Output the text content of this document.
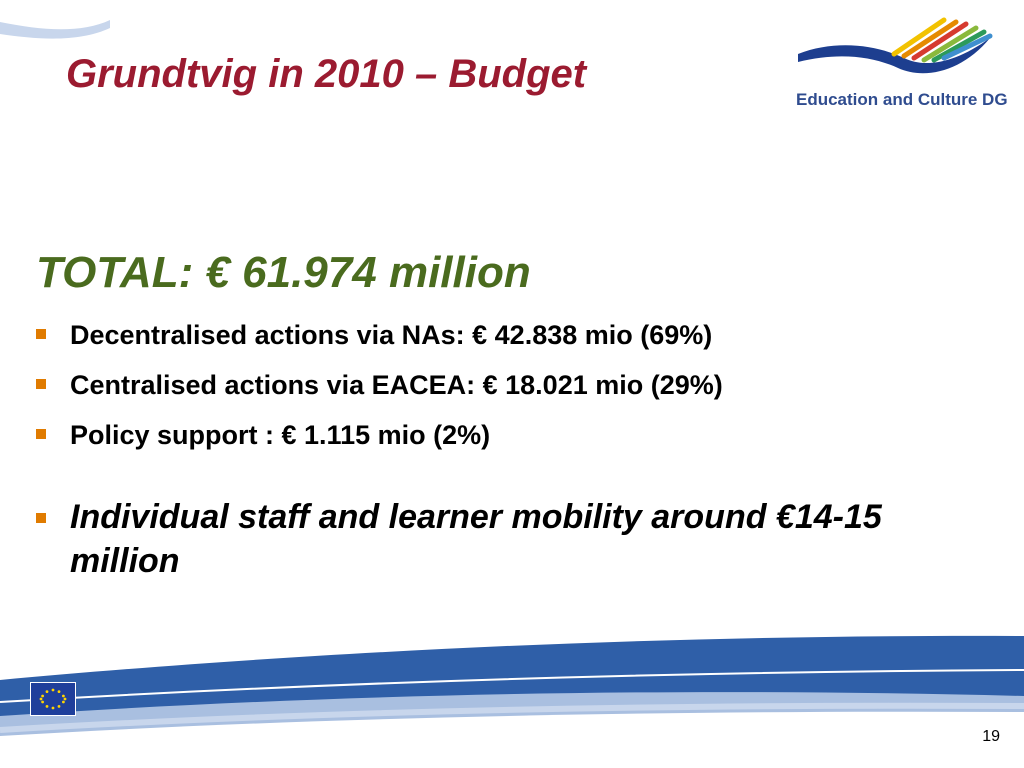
Grundtvig in 2010 – Budget
Education and Culture DG
TOTAL: € 61.974 million
Decentralised actions via NAs: € 42.838 mio (69%)
Centralised actions via EACEA: € 18.021 mio (29%)
Policy support : € 1.115 mio (2%)
Individual staff and learner mobility around €14-15 million
19
